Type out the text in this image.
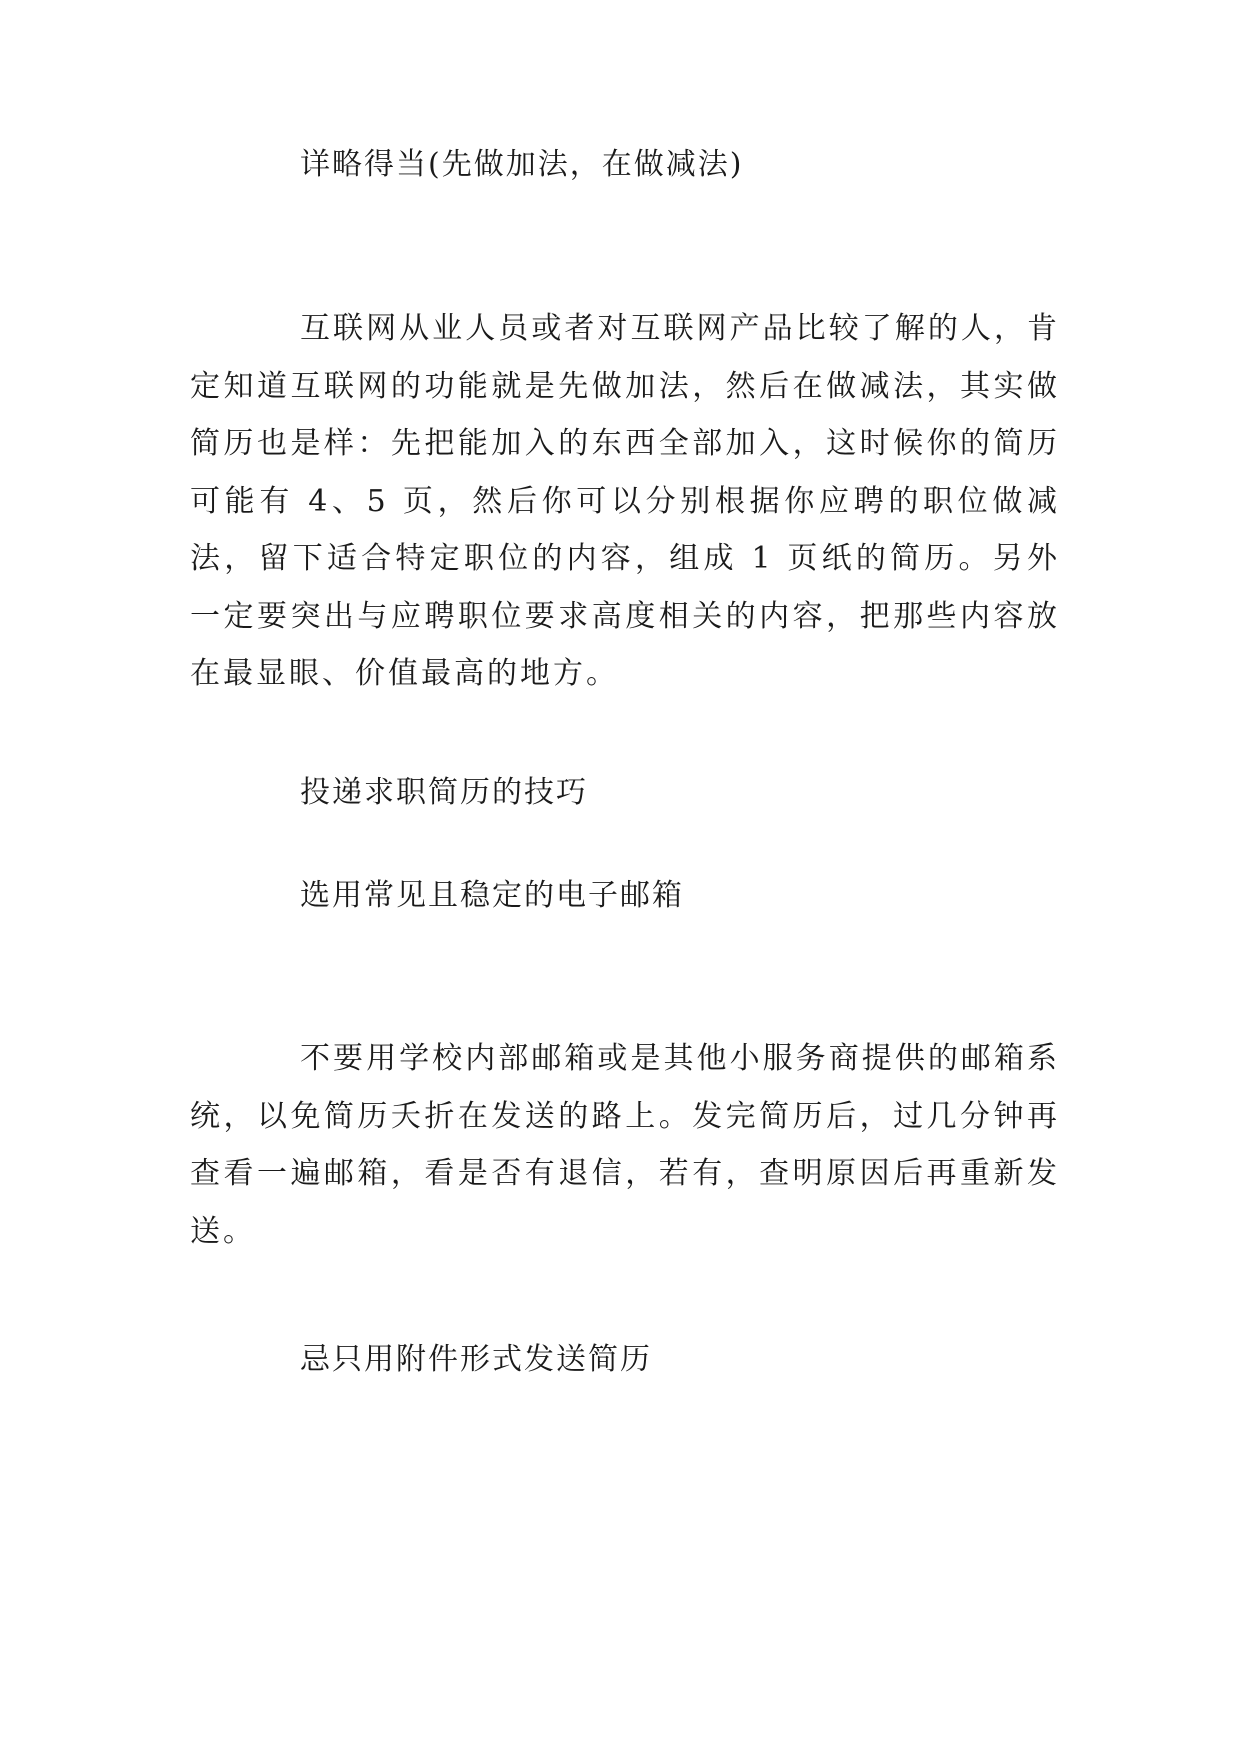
详略得当(先做加法，在做减法)

互联网从业人员或者对互联网产品比较了解的人，肯定知道互联网的功能就是先做加法，然后在做减法，其实做简历也是样：先把能加入的东西全部加入，这时候你的简历可能有 4、5 页，然后你可以分别根据你应聘的职位做减法，留下适合特定职位的内容，组成 1 页纸的简历。另外一定要突出与应聘职位要求高度相关的内容，把那些内容放在最显眼、价值最高的地方。

投递求职简历的技巧
选用常见且稳定的电子邮箱

不要用学校内部邮箱或是其他小服务商提供的邮箱系统，以免简历夭折在发送的路上。发完简历后，过几分钟再查看一遍邮箱，看是否有退信，若有，查明原因后再重新发送。

忌只用附件形式发送简历
